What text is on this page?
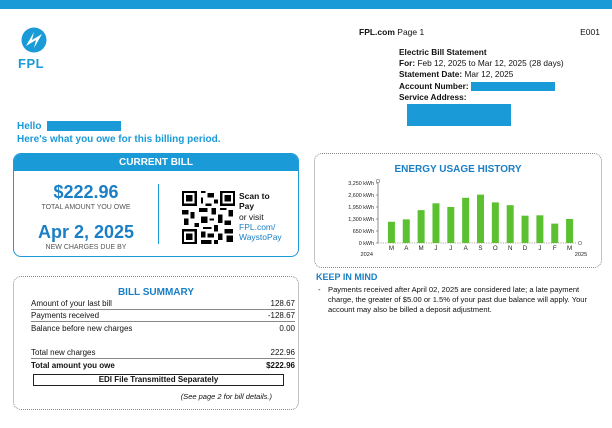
FPL
FPL.com Page 1	E001
Electric Bill Statement
For: Feb 12, 2025 to Mar 12, 2025 (28 days)
Statement Date: Mar 12, 2025
Account Number:
Service Address:
Hello
Here's what you owe for this billing period.
CURRENT BILL
$222.96
TOTAL AMOUNT YOU OWE
Apr 2, 2025
NEW CHARGES DUE BY
Scan to
Pay
or visit
FPL.com/
WaystoPay
BILL SUMMARY
Amount of your last bill	128.67
Payments received	-128.67
Balance before new charges	0.00
Total new charges	222.96
Total amount you owe	$222.96
EDI File Transmitted Separately
(See page 2 for bill details.)
ENERGY USAGE HISTORY
0 kWh
650 kWh
1,300 kWh
1,950 kWh
2,600 kWh
3,250 kWh
M A M J J A S O N D J F M
2024	2025
KEEP IN MIND
- Payments received after April 02, 2025 are considered late; a late payment charge, the greater of $5.00 or 1.5% of your past due balance will apply. Your account may also be billed a deposit adjustment.
